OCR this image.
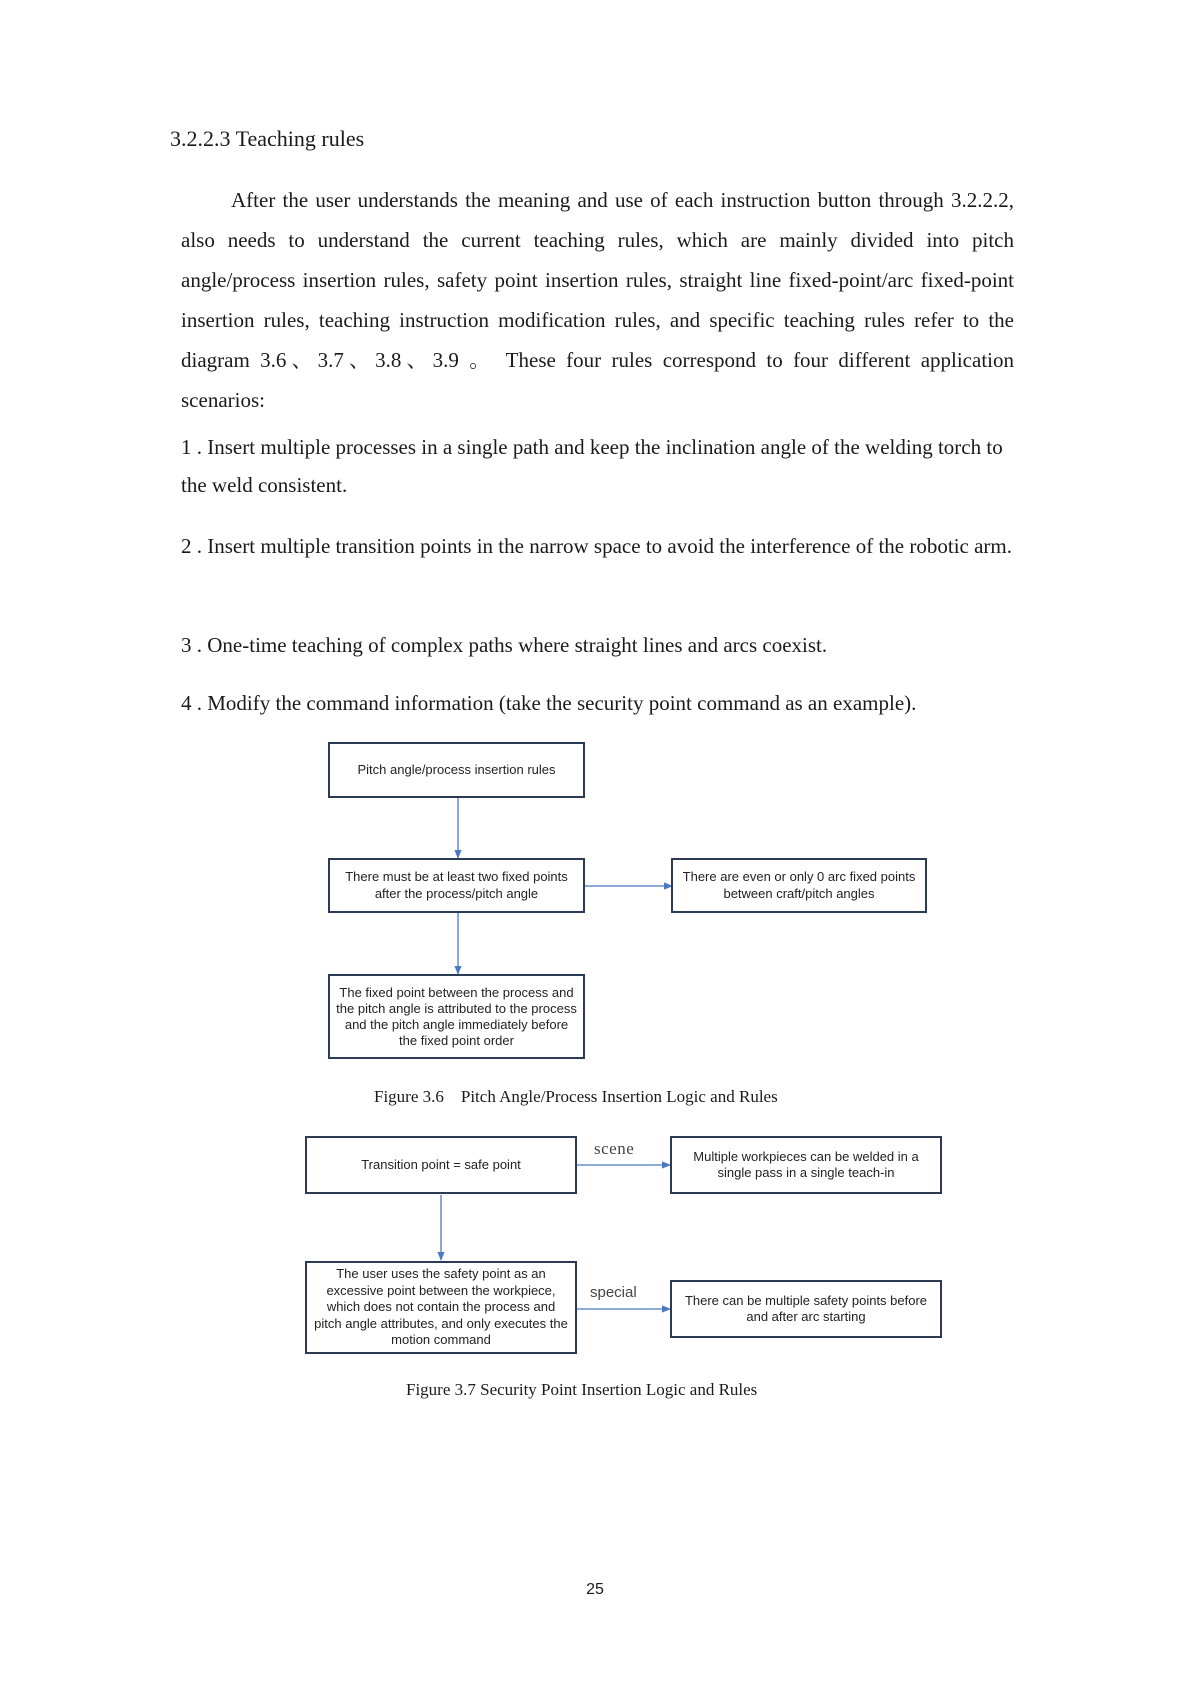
3.2.2.3 Teaching rules

After the user understands the meaning and use of each instruction button through 3.2.2.2, also needs to understand the current teaching rules, which are mainly divided into pitch angle/process insertion rules, safety point insertion rules, straight line fixed-point/arc fixed-point insertion rules, teaching instruction modification rules, and specific teaching rules refer to the diagram 3.6、3.7、3.8、3.9 。 These four rules correspond to four different application scenarios:

1 . Insert multiple processes in a single path and keep the inclination angle of the welding torch to the weld consistent.

2 . Insert multiple transition points in the narrow space to avoid the interference of the robotic arm.

3 . One-time teaching of complex paths where straight lines and arcs coexist.

4 . Modify the command information (take the security point command as an example).

Pitch angle/process insertion rules
There must be at least two fixed points after the process/pitch angle
There are even or only 0 arc fixed points between craft/pitch angles
The fixed point between the process and the pitch angle is attributed to the process and the pitch angle immediately before the fixed point order
Figure 3.6    Pitch Angle/Process Insertion Logic and Rules
Transition point = safe point
scene	Multiple workpieces can be welded in a single pass in a single teach-in
The user uses the safety point as an excessive point between the workpiece, which does not contain the process and pitch angle attributes, and only executes the motion command
special	There can be multiple safety points before and after arc starting
Figure 3.7 Security Point Insertion Logic and Rules
25
